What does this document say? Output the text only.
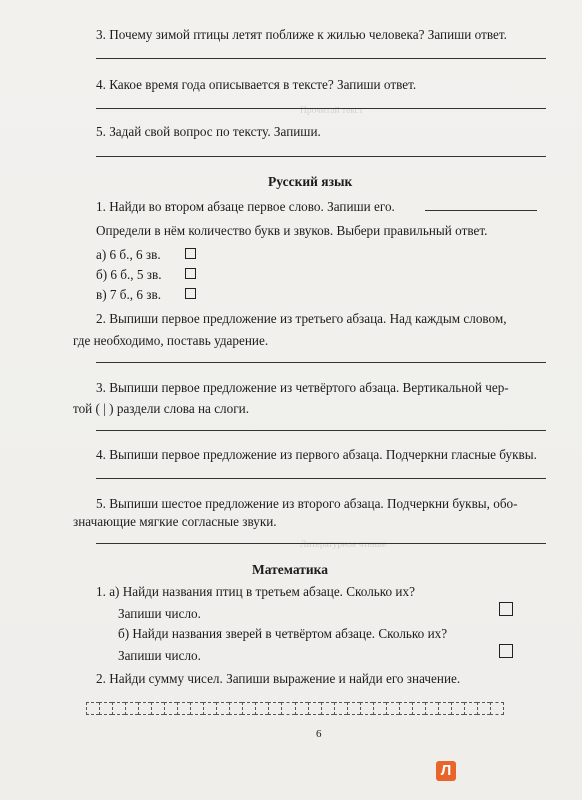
Прочитай текст
Литературное чтение
3. Почему зимой птицы летят поближе к жилью человека? Запиши ответ.
4. Какое время года описывается в тексте? Запиши ответ.
5. Задай свой вопрос по тексту. Запиши.
Русский язык
1. Найди во втором абзаце первое слово. Запиши его.
Определи в нём количество букв и звуков. Выбери правильный ответ.
а) 6 б., 6 зв.
б) 6 б., 5 зв.
в) 7 б., 6 зв.
2. Выпиши первое предложение из третьего абзаца. Над каждым словом,
где необходимо, поставь ударение.
3. Выпиши первое предложение из четвёртого абзаца. Вертикальной чер-
той ( | ) раздели слова на слоги.
4. Выпиши первое предложение из первого абзаца. Подчеркни гласные буквы.
5. Выпиши шестое предложение из второго абзаца. Подчеркни буквы, обо-
значающие мягкие согласные звуки.
Математика
1. а) Найди названия птиц в третьем абзаце. Сколько их?
Запиши число.
б) Найди названия зверей в четвёртом абзаце. Сколько их?
Запиши число.
2. Найди сумму чисел. Запиши выражение и найди его значение.
6
Л
